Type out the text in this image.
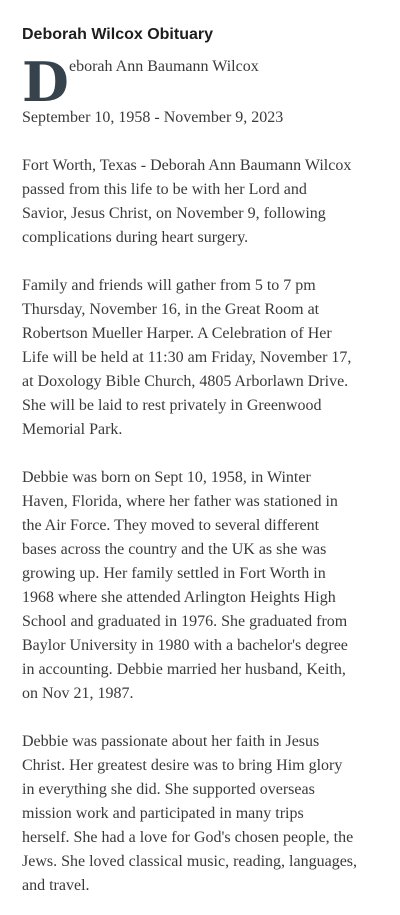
Deborah Wilcox Obituary
D eborah Ann Baumann Wilcox

September 10, 1958 - November 9, 2023

Fort Worth, Texas - Deborah Ann Baumann Wilcox
passed from this life to be with her Lord and
Savior, Jesus Christ, on November 9, following
complications during heart surgery.

Family and friends will gather from 5 to 7 pm
Thursday, November 16, in the Great Room at
Robertson Mueller Harper. A Celebration of Her
Life will be held at 11:30 am Friday, November 17,
at Doxology Bible Church, 4805 Arborlawn Drive.
She will be laid to rest privately in Greenwood
Memorial Park.

Debbie was born on Sept 10, 1958, in Winter
Haven, Florida, where her father was stationed in
the Air Force. They moved to several different
bases across the country and the UK as she was
growing up. Her family settled in Fort Worth in
1968 where she attended Arlington Heights High
School and graduated in 1976. She graduated from
Baylor University in 1980 with a bachelor's degree
in accounting. Debbie married her husband, Keith,
on Nov 21, 1987.

Debbie was passionate about her faith in Jesus
Christ. Her greatest desire was to bring Him glory
in everything she did. She supported overseas
mission work and participated in many trips
herself. She had a love for God's chosen people, the
Jews. She loved classical music, reading, languages,
and travel.
